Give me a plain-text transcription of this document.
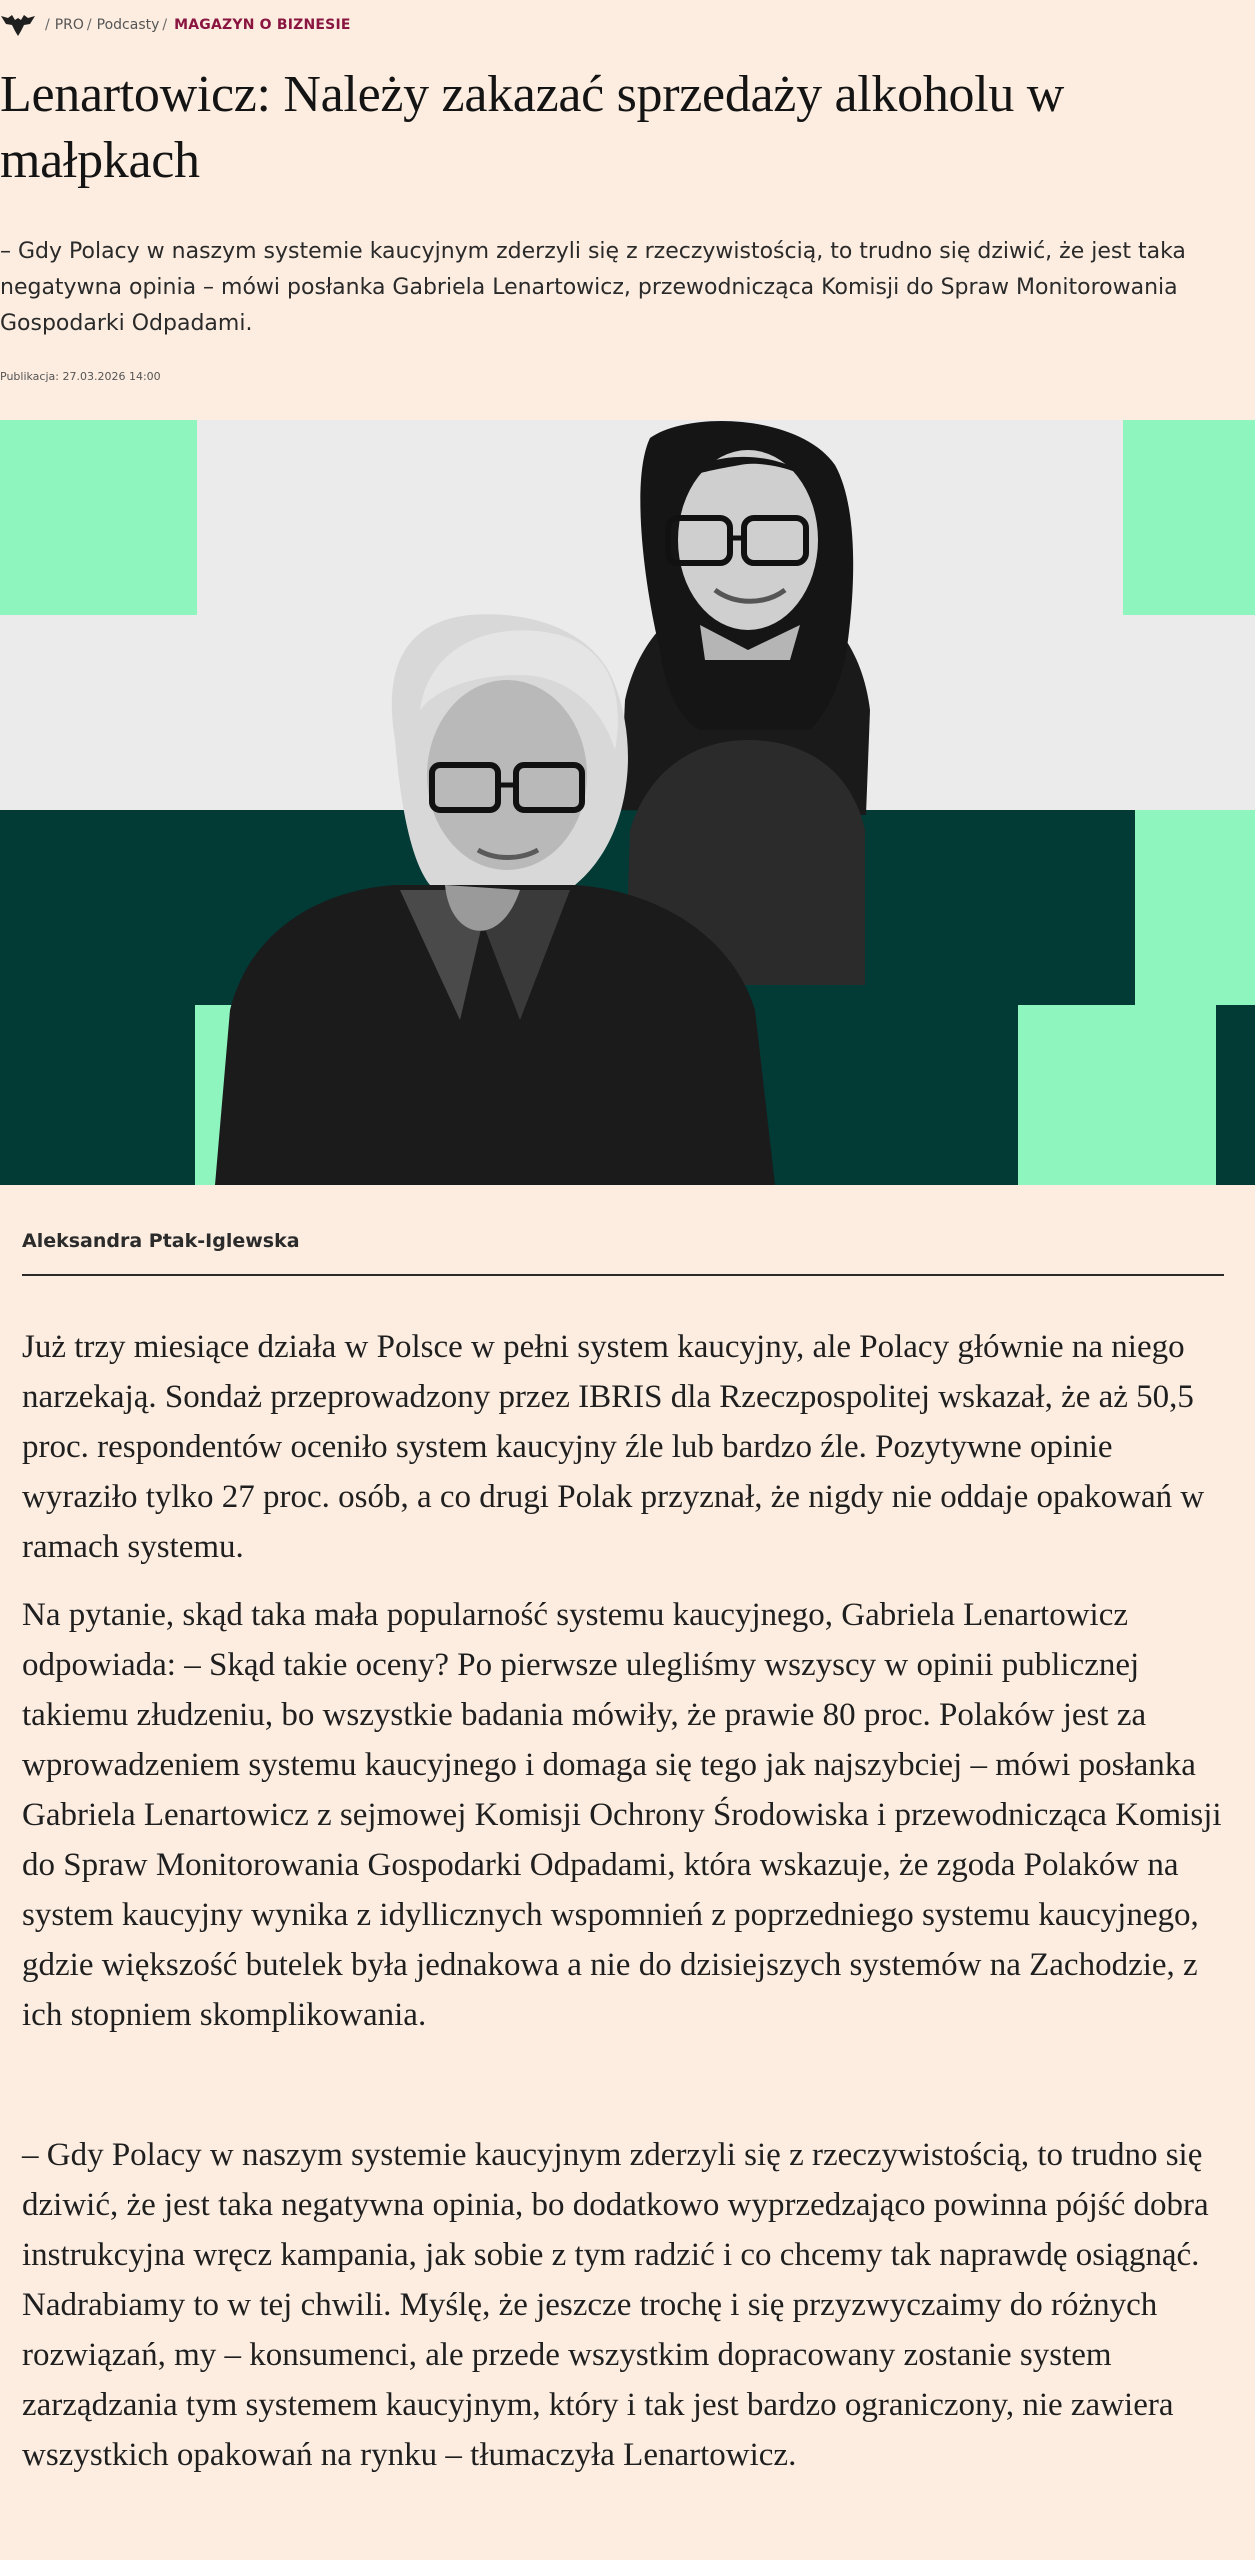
/ PRO / Podcasty / MAGAZYN O BIZNESIE
Lenartowicz: Należy zakazać sprzedaży alkoholu w małpkach

– Gdy Polacy w naszym systemie kaucyjnym zderzyli się z rzeczywistością, to trudno się dziwić, że jest taka negatywna opinia – mówi posłanka Gabriela Lenartowicz, przewodnicząca Komisji do Spraw Monitorowania Gospodarki Odpadami.

Publikacja: 27.03.2026 14:00
Aleksandra Ptak-Iglewska

Już trzy miesiące działa w Polsce w pełni system kaucyjny, ale Polacy głównie na niego narzekają. Sondaż przeprowadzony przez IBRIS dla Rzeczpospolitej wskazał, że aż 50,5 proc. respondentów oceniło system kaucyjny źle lub bardzo źle. Pozytywne opinie wyraziło tylko 27 proc. osób, a co drugi Polak przyznał, że nigdy nie oddaje opakowań w ramach systemu.

Na pytanie, skąd taka mała popularność systemu kaucyjnego, Gabriela Lenartowicz odpowiada: – Skąd takie oceny? Po pierwsze ulegliśmy wszyscy w opinii publicznej takiemu złudzeniu, bo wszystkie badania mówiły, że prawie 80 proc. Polaków jest za wprowadzeniem systemu kaucyjnego i domaga się tego jak najszybciej – mówi posłanka Gabriela Lenartowicz z sejmowej Komisji Ochrony Środowiska i przewodnicząca Komisji do Spraw Monitorowania Gospodarki Odpadami, która wskazuje, że zgoda Polaków na system kaucyjny wynika z idyllicznych wspomnień z poprzedniego systemu kaucyjnego, gdzie większość butelek była jednakowa a nie do dzisiejszych systemów na Zachodzie, z ich stopniem skomplikowania.

– Gdy Polacy w naszym systemie kaucyjnym zderzyli się z rzeczywistością, to trudno się dziwić, że jest taka negatywna opinia, bo dodatkowo wyprzedzająco powinna pójść dobra instrukcyjna wręcz kampania, jak sobie z tym radzić i co chcemy tak naprawdę osiągnąć. Nadrabiamy to w tej chwili. Myślę, że jeszcze trochę i się przyzwyczaimy do różnych rozwiązań, my – konsumenci, ale przede wszystkim dopracowany zostanie system zarządzania tym systemem kaucyjnym, który i tak jest bardzo ograniczony, nie zawiera wszystkich opakowań na rynku – tłumaczyła Lenartowicz.
